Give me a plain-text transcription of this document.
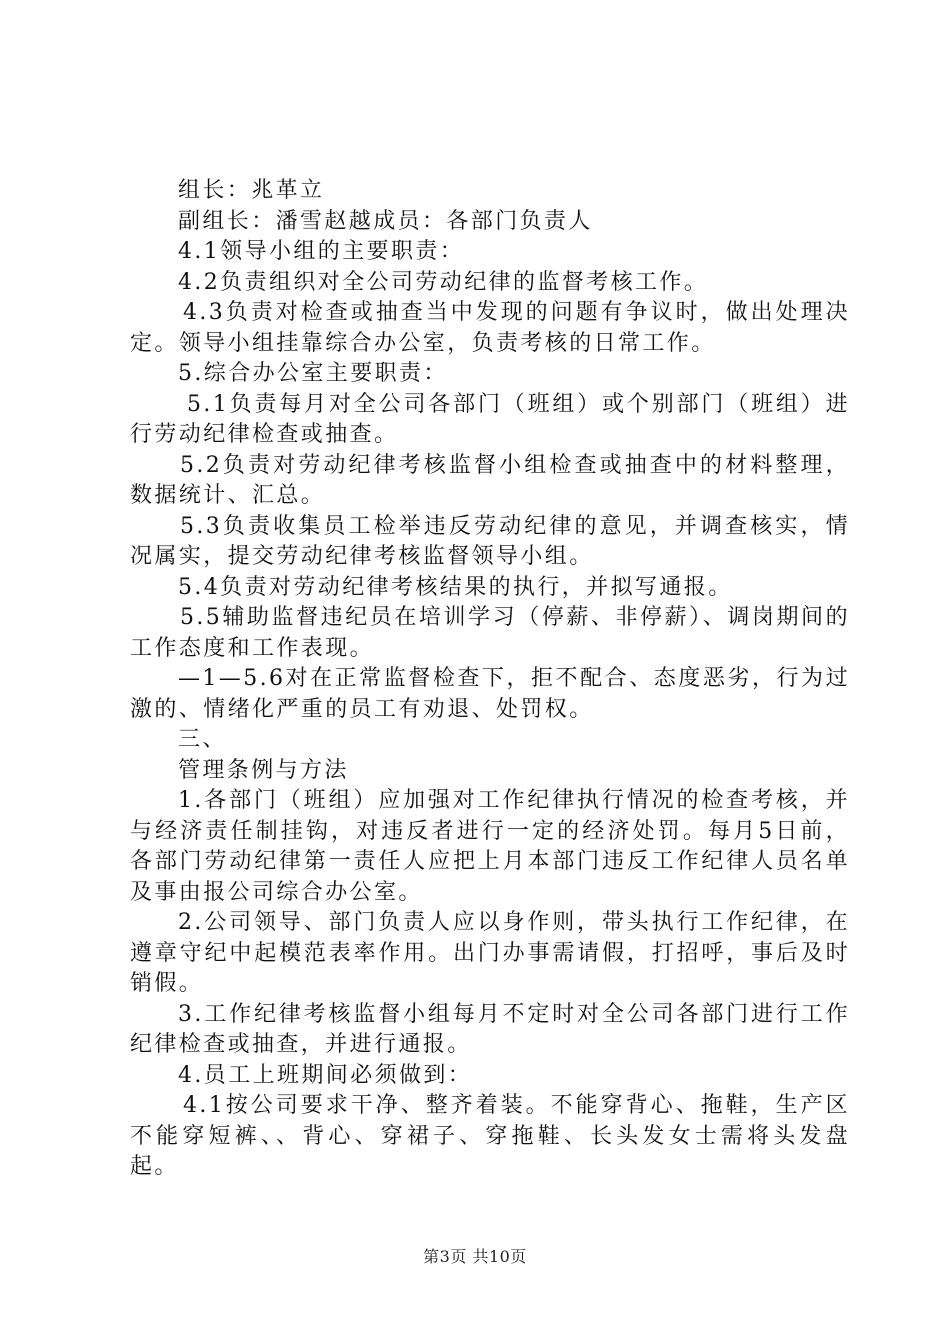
组长：兆革立

副组长：潘雪赵越成员：各部门负责人

4.1领导小组的主要职责：

4.2负责组织对全公司劳动纪律的监督考核工作。

4.3负责对检查或抽查当中发现的问题有争议时，做出处理决定。领导小组挂靠综合办公室，负责考核的日常工作。

5.综合办公室主要职责：

5.1负责每月对全公司各部门（班组）或个别部门（班组）进行劳动纪律检查或抽查。

5.2负责对劳动纪律考核监督小组检查或抽查中的材料整理，数据统计、汇总。

5.3负责收集员工检举违反劳动纪律的意见，并调查核实，情况属实，提交劳动纪律考核监督领导小组。

5.4负责对劳动纪律考核结果的执行，并拟写通报。

5.5辅助监督违纪员在培训学习（停薪、非停薪）、调岗期间的工作态度和工作表现。

—1—5.6对在正常监督检查下，拒不配合、态度恶劣，行为过激的、情绪化严重的员工有劝退、处罚权。

三、

管理条例与方法

1.各部门（班组）应加强对工作纪律执行情况的检查考核，并与经济责任制挂钩，对违反者进行一定的经济处罚。每月5日前，各部门劳动纪律第一责任人应把上月本部门违反工作纪律人员名单及事由报公司综合办公室。

2.公司领导、部门负责人应以身作则，带头执行工作纪律，在遵章守纪中起模范表率作用。出门办事需请假，打招呼，事后及时销假。

3.工作纪律考核监督小组每月不定时对全公司各部门进行工作纪律检查或抽查，并进行通报。

4.员工上班期间必须做到：

4.1按公司要求干净、整齐着装。不能穿背心、拖鞋，生产区不能穿短裤、、背心、穿裙子、穿拖鞋、长头发女士需将头发盘起。

第3页 共10页
